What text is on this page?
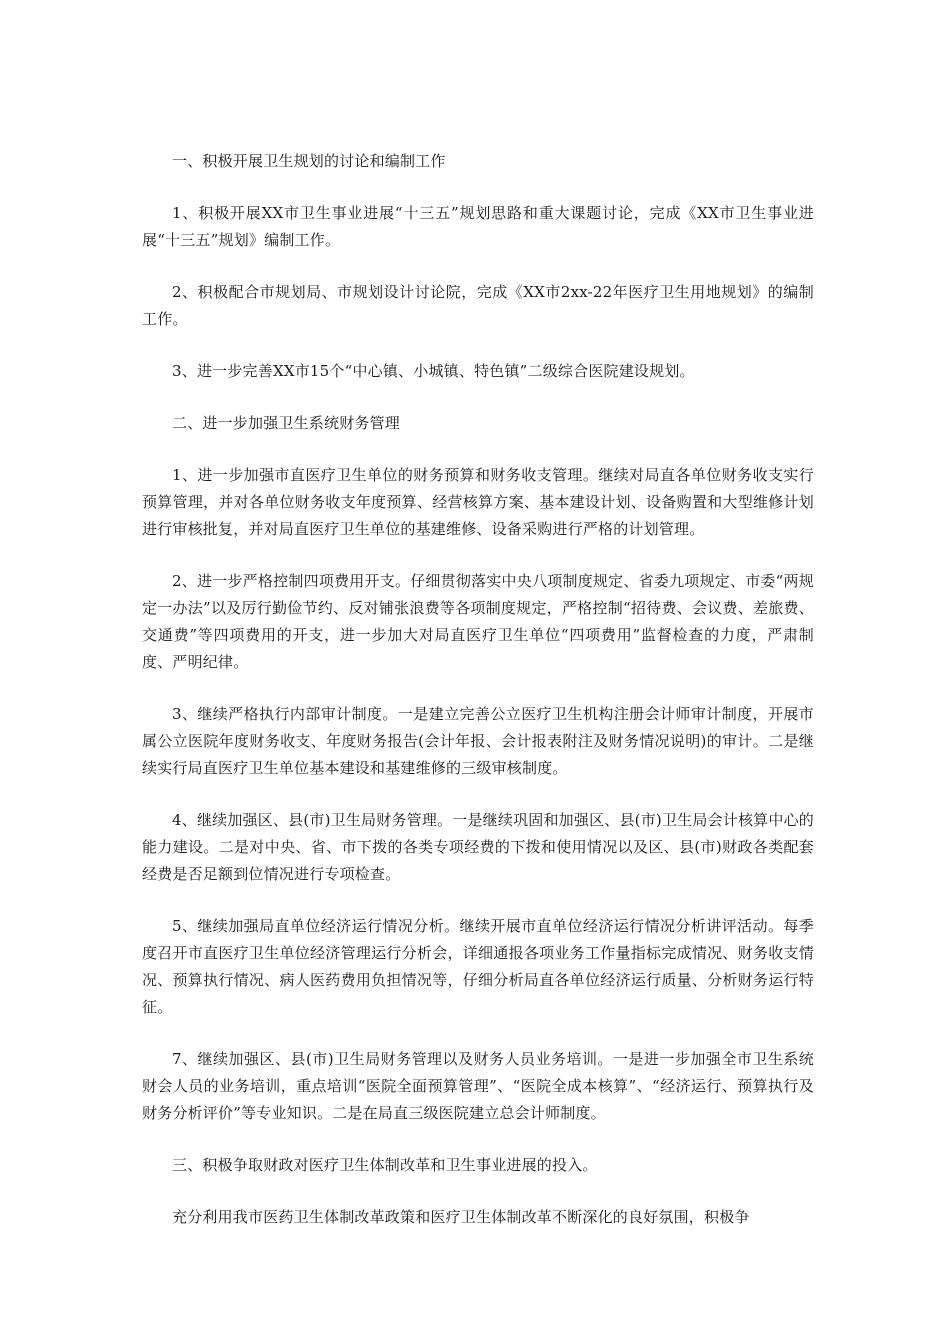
一、积极开展卫生规划的讨论和编制工作

1、积极开展XX市卫生事业进展“十三五”规划思路和重大课题讨论，完成《XX市卫生事业进展“十三五”规划》编制工作。

2、积极配合市规划局、市规划设计讨论院，完成《XX市2xx-22年医疗卫生用地规划》的编制工作。

3、进一步完善XX市15个“中心镇、小城镇、特色镇”二级综合医院建设规划。

二、进一步加强卫生系统财务管理

1、进一步加强市直医疗卫生单位的财务预算和财务收支管理。继续对局直各单位财务收支实行预算管理，并对各单位财务收支年度预算、经营核算方案、基本建设计划、设备购置和大型维修计划进行审核批复，并对局直医疗卫生单位的基建维修、设备采购进行严格的计划管理。

2、进一步严格控制四项费用开支。仔细贯彻落实中央八项制度规定、省委九项规定、市委“两规定一办法”以及厉行勤俭节约、反对铺张浪费等各项制度规定，严格控制“招待费、会议费、差旅费、交通费”等四项费用的开支，进一步加大对局直医疗卫生单位“四项费用”监督检查的力度，严肃制度、严明纪律。

3、继续严格执行内部审计制度。一是建立完善公立医疗卫生机构注册会计师审计制度，开展市属公立医院年度财务收支、年度财务报告(会计年报、会计报表附注及财务情况说明)的审计。二是继续实行局直医疗卫生单位基本建设和基建维修的三级审核制度。

4、继续加强区、县(市)卫生局财务管理。一是继续巩固和加强区、县(市)卫生局会计核算中心的能力建设。二是对中央、省、市下拨的各类专项经费的下拨和使用情况以及区、县(市)财政各类配套经费是否足额到位情况进行专项检查。

5、继续加强局直单位经济运行情况分析。继续开展市直单位经济运行情况分析讲评活动。每季度召开市直医疗卫生单位经济管理运行分析会，详细通报各项业务工作量指标完成情况、财务收支情况、预算执行情况、病人医药费用负担情况等，仔细分析局直各单位经济运行质量、分析财务运行特征。

7、继续加强区、县(市)卫生局财务管理以及财务人员业务培训。一是进一步加强全市卫生系统财会人员的业务培训，重点培训“医院全面预算管理”、“医院全成本核算”、“经济运行、预算执行及财务分析评价”等专业知识。二是在局直三级医院建立总会计师制度。

三、积极争取财政对医疗卫生体制改革和卫生事业进展的投入。

充分利用我市医药卫生体制改革政策和医疗卫生体制改革不断深化的良好氛围，积极争
